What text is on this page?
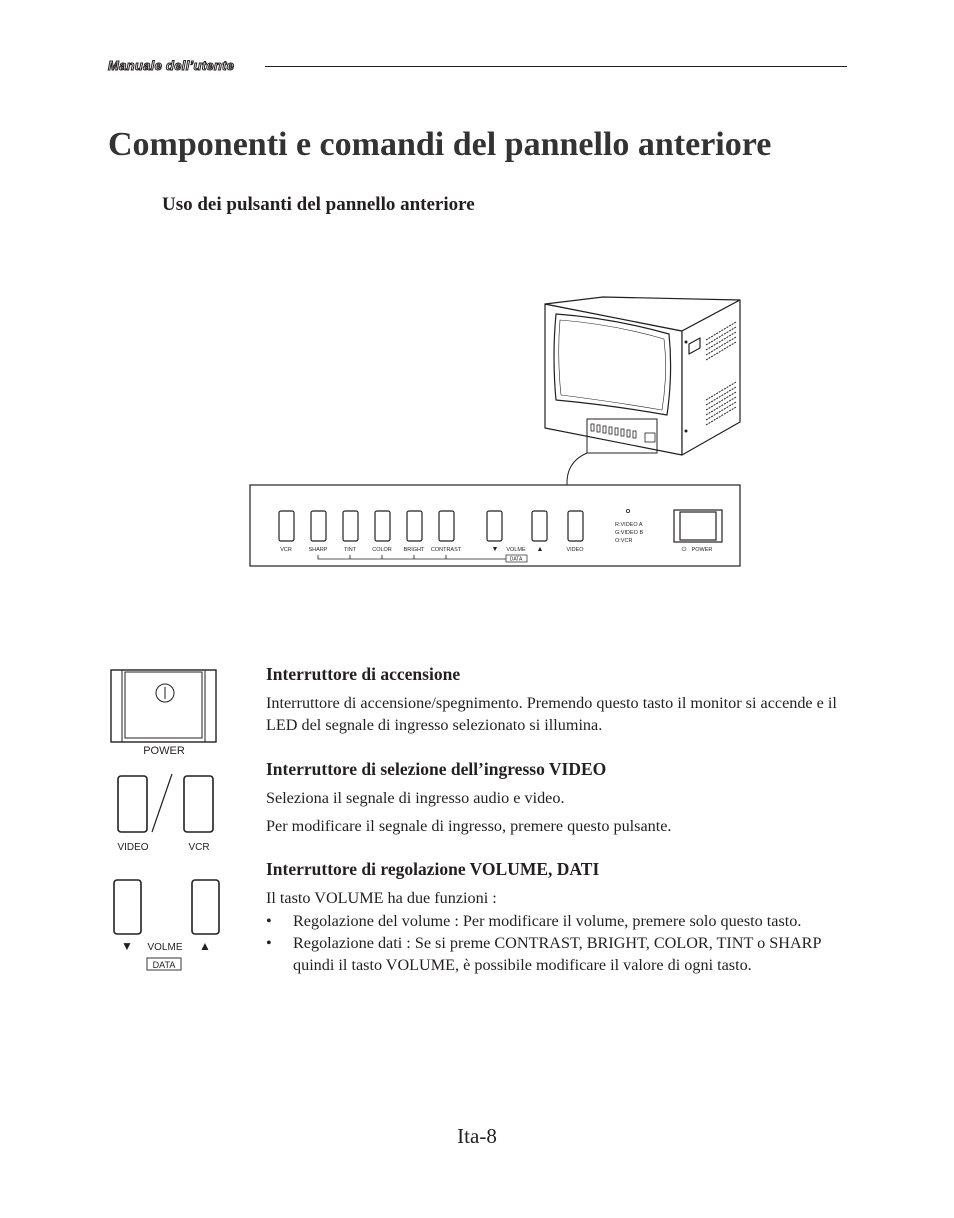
Manuale dell’utente
Componenti e comandi del pannello anteriore
Uso dei pulsanti del pannello anteriore
VCR	SHARP	TINT	COLOR BRIGHT CONTRAST	▼ VOLME ▲
DATA
VIDEO	⏻ POWER
R:VIDEO A
G:VIDEO B
O:VCR
POWER
VIDEO	VCR
▼	▲
VOLME
DATA
Interruttore di accensione
Interruttore di accensione/spegnimento. Premendo questo tasto il monitor si accende e il LED del segnale di ingresso selezionato si illumina.
Interruttore di selezione dell’ingresso VIDEO
Seleziona il segnale di ingresso audio e video.
Per modificare il segnale di ingresso, premere questo pulsante.
Interruttore di regolazione VOLUME, DATI
Il tasto VOLUME ha due funzioni :
• Regolazione del volume : Per modificare il volume, premere solo questo tasto.
• Regolazione dati : Se si preme CONTRAST, BRIGHT, COLOR, TINT o SHARP quindi il tasto VOLUME, è possibile modificare il valore di ogni tasto.
Ita-8
